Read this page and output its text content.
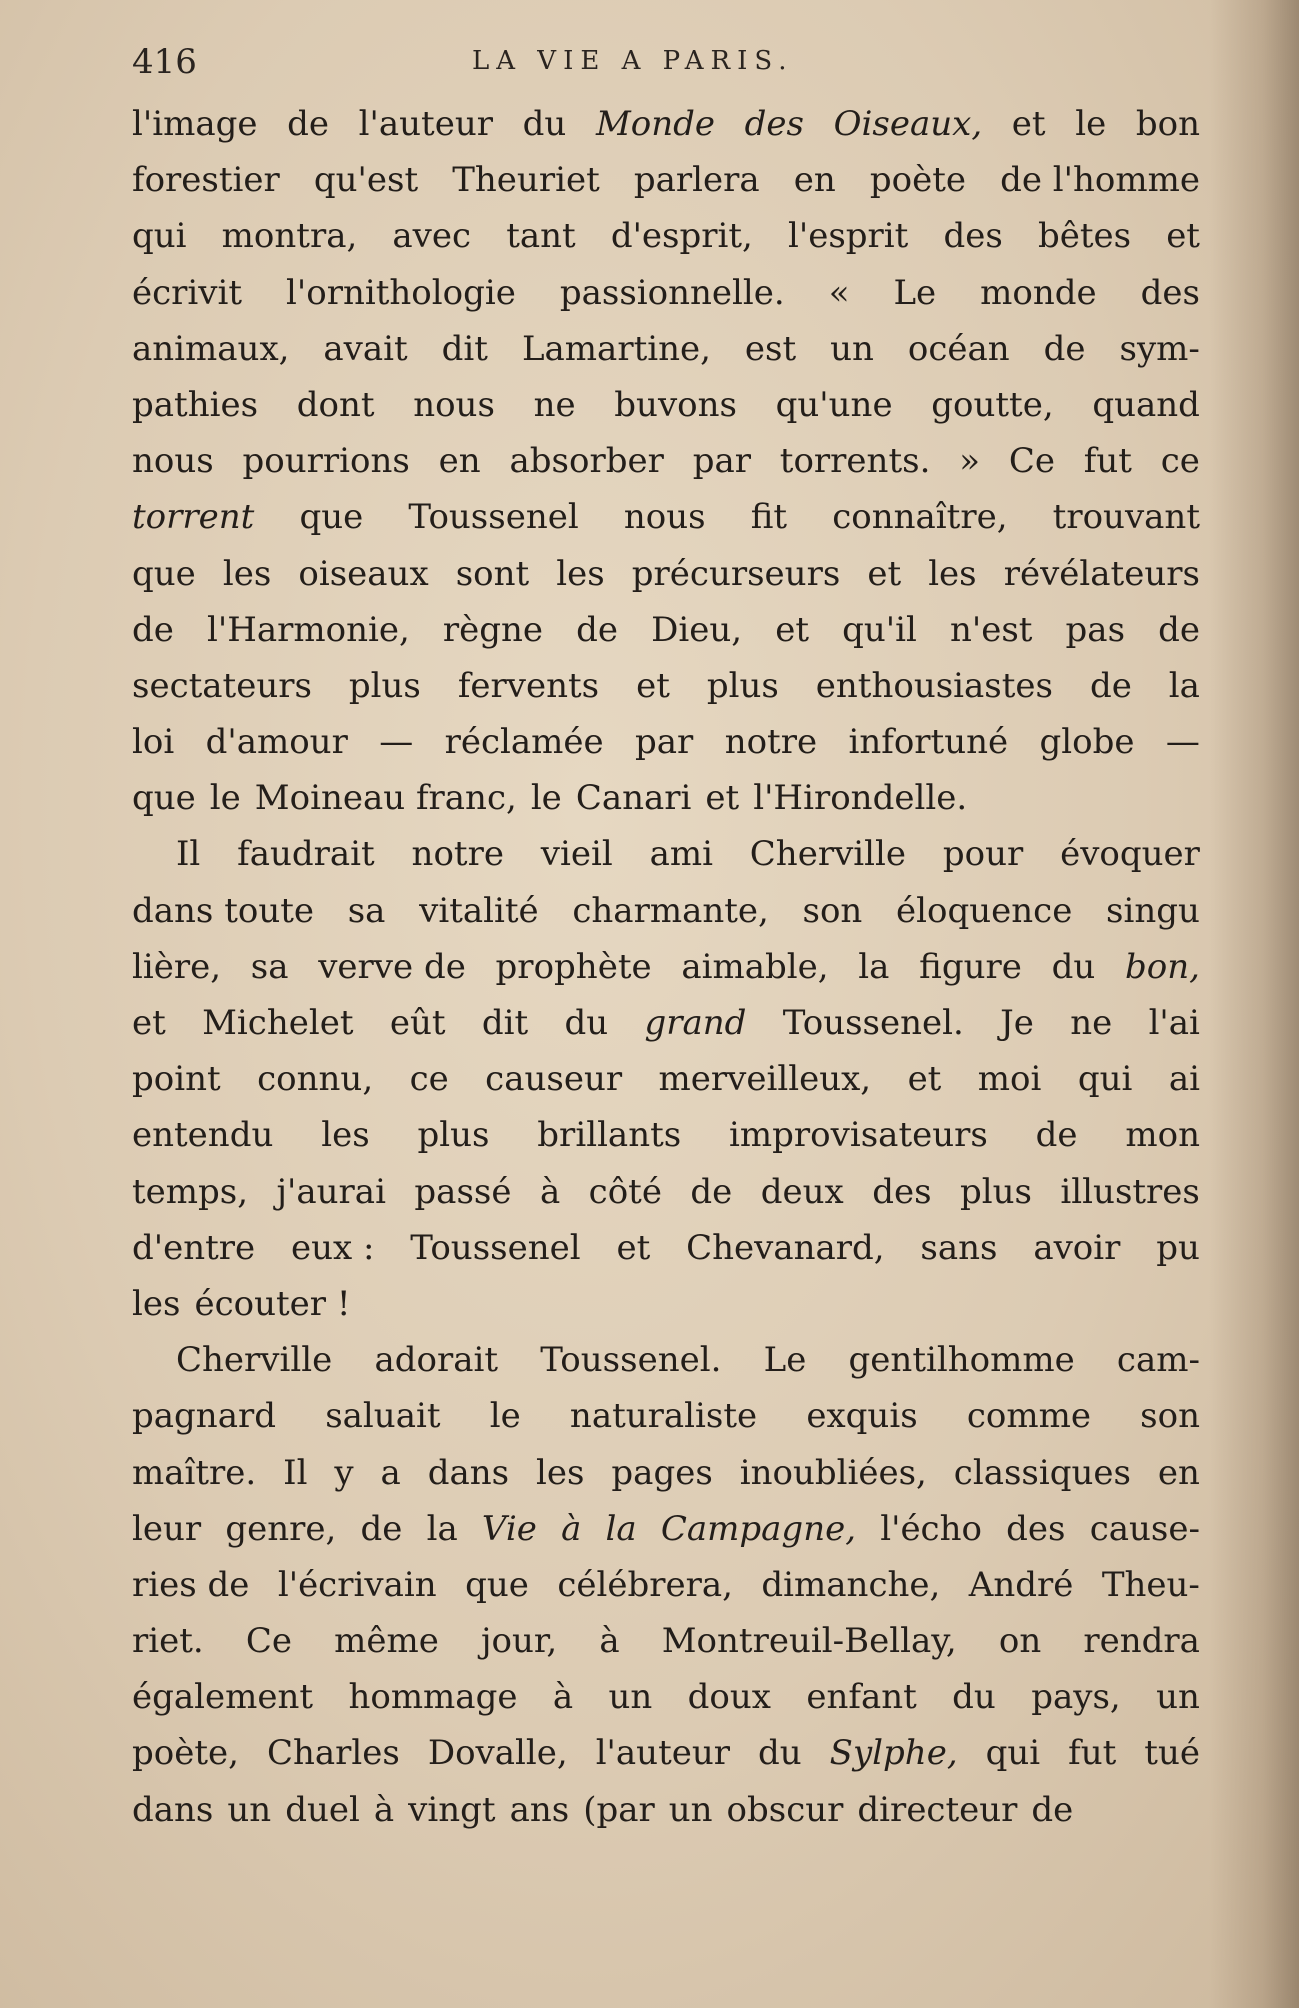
416	LA VIE A PARIS.
l'image de l'auteur du Monde des Oiseaux, et le bon
forestier qu'est Theuriet parlera en poète de l'homme
qui montra, avec tant d'esprit, l'esprit des bêtes et
écrivit l'ornithologie passionnelle. « Le monde des
animaux, avait dit Lamartine, est un océan de sym-
pathies dont nous ne buvons qu'une goutte, quand
nous pourrions en absorber par torrents. » Ce fut ce
torrent que Toussenel nous fit connaître, trouvant
que les oiseaux sont les précurseurs et les révélateurs
de l'Harmonie, règne de Dieu, et qu'il n'est pas de
sectateurs plus fervents et plus enthousiastes de la
loi d'amour — réclamée par notre infortuné globe —
que le Moineau franc, le Canari et l'Hirondelle.
Il faudrait notre vieil ami Cherville pour évoquer
dans toute sa vitalité charmante, son éloquence singu
lière, sa verve de prophète aimable, la figure du bon,
et Michelet eût dit du grand Toussenel. Je ne l'ai
point connu, ce causeur merveilleux, et moi qui ai
entendu les plus brillants improvisateurs de mon
temps, j'aurai passé à côté de deux des plus illustres
d'entre eux : Toussenel et Chevanard, sans avoir pu
les écouter !
Cherville adorait Toussenel. Le gentilhomme cam-
pagnard saluait le naturaliste exquis comme son
maître. Il y a dans les pages inoubliées, classiques en
leur genre, de la Vie à la Campagne, l'écho des cause-
ries de l'écrivain que célébrera, dimanche, André Theu-
riet. Ce même jour, à Montreuil-Bellay, on rendra
également hommage à un doux enfant du pays, un
poète, Charles Dovalle, l'auteur du Sylphe, qui fut tué
dans un duel à vingt ans (par un obscur directeur de
